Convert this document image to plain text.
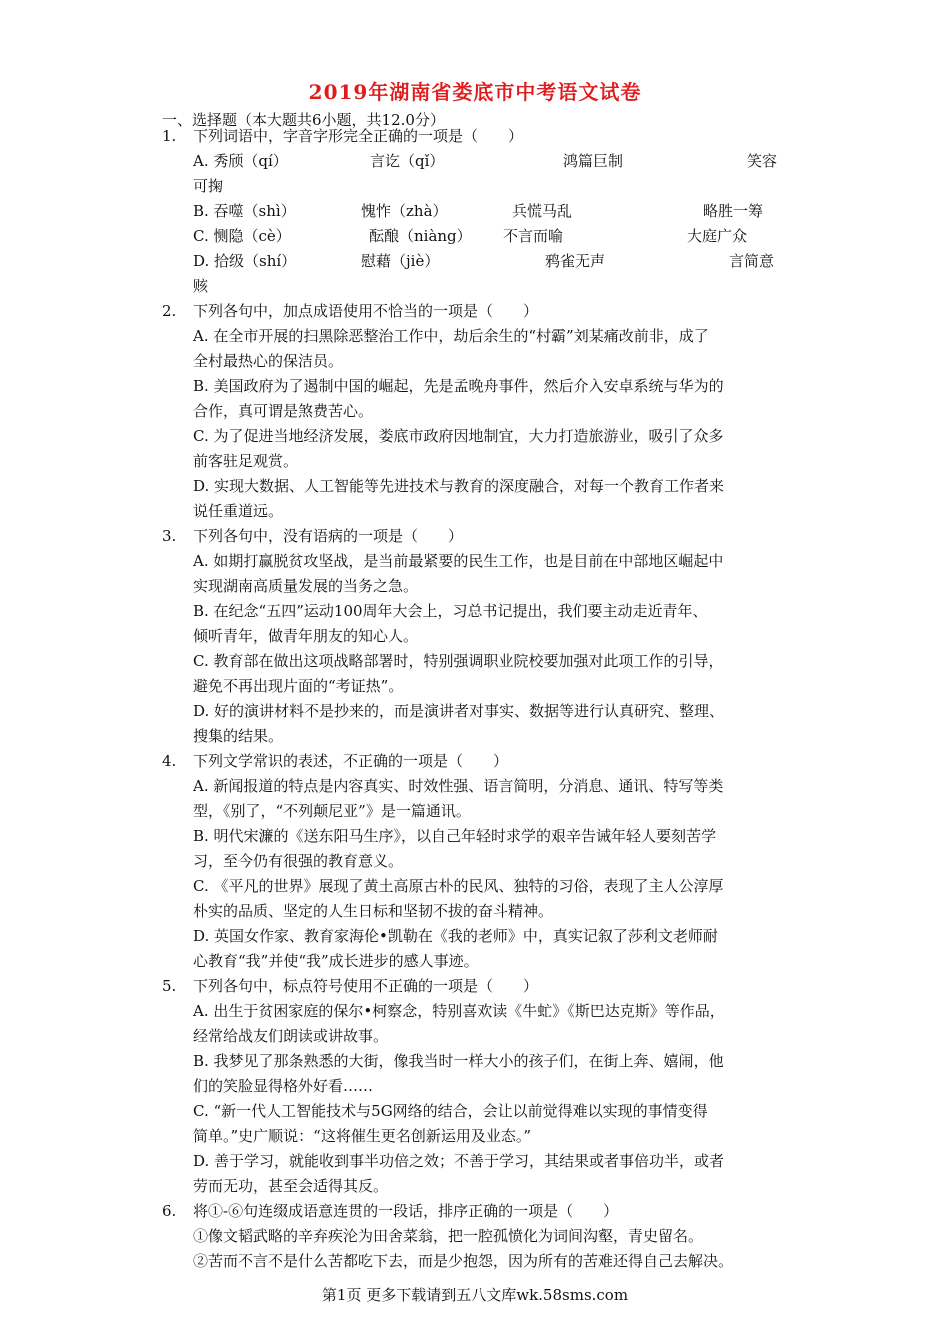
2019年湖南省娄底市中考语文试卷
一、选择题（本大题共6小题，共12.0分）
1. 下列词语中，字音字形完全正确的一项是（　　）
A. 秀颀（qí）	言讫（qǐ）	鸿篇巨制	笑容
可掬
B. 吞噬（shì）	愧怍（zhà）	兵慌马乱	略胜一筹
C. 恻隐（cè）	酝酿（niàng） 不言而喻	大庭广众
D. 拾级（shí）	慰藉（jiè）	鸦雀无声	言简意
赅
2. 下列各句中，加点成语使用不恰当的一项是（　　）
A. 在全市开展的扫黑除恶整治工作中，劫后余生的“村霸”刘某痛改前非，成了
全村最热心的保洁员。
B. 美国政府为了遏制中国的崛起，先是孟晚舟事件，然后介入安卓系统与华为的
合作，真可谓是煞费苦心。
C. 为了促进当地经济发展，娄底市政府因地制宜，大力打造旅游业，吸引了众多
前客驻足观赏。
D. 实现大数据、人工智能等先进技术与教育的深度融合，对每一个教育工作者来
说任重道远。
3. 下列各句中，没有语病的一项是（　　）
A. 如期打赢脱贫攻坚战，是当前最紧要的民生工作，也是目前在中部地区崛起中
实现湖南高质量发展的当务之急。
B. 在纪念“五四”运动100周年大会上，习总书记提出，我们要主动走近青年、
倾听青年，做青年朋友的知心人。
C. 教育部在做出这项战略部署时，特别强调职业院校要加强对此项工作的引导，
避免不再出现片面的“考证热”。
D. 好的演讲材料不是抄来的，而是演讲者对事实、数据等进行认真研究、整理、
搜集的结果。
4. 下列文学常识的表述，不正确的一项是（　　）
A. 新闻报道的特点是内容真实、时效性强、语言简明，分消息、通讯、特写等类
型，《别了，“不列颠尼亚”》是一篇通讯。
B. 明代宋濂的《送东阳马生序》，以自己年轻时求学的艰辛告诫年轻人要刻苦学
习，至今仍有很强的教育意义。
C. 《平凡的世界》展现了黄土高原古朴的民风、独特的习俗，表现了主人公淳厚
朴实的品质、坚定的人生日标和坚韧不拔的奋斗精神。
D. 英国女作家、教育家海伦•凯勒在《我的老师》中，真实记叙了莎利文老师耐
心教育“我”并使“我”成长进步的感人事迹。
5. 下列各句中，标点符号使用不正确的一项是（　　）
A. 出生于贫困家庭的保尔•柯察念，特别喜欢读《牛虻》《斯巴达克斯》等作品，
经常给战友们朗读或讲故事。
B. 我梦见了那条熟悉的大街，像我当时一样大小的孩子们，在街上奔、嬉闹，他
们的笑脸显得格外好看……
C. “新一代人工智能技术与5G网络的结合，会让以前觉得难以实现的事情变得
简单。”史广顺说：“这将催生更名创新运用及业态。”
D. 善于学习，就能收到事半功倍之效；不善于学习，其结果或者事倍功半，或者
劳而无功，甚至会适得其反。
6. 将①-⑥句连缀成语意连贯的一段话，排序正确的一项是（　　）
①像文韬武略的辛弃疾沦为田舍菜翁，把一腔孤愤化为词间沟壑，青史留名。
②苦而不言不是什么苦都吃下去，而是少抱怨，因为所有的苦难还得自己去解决。
第1页 更多下载请到五八文库wk.58sms.com
